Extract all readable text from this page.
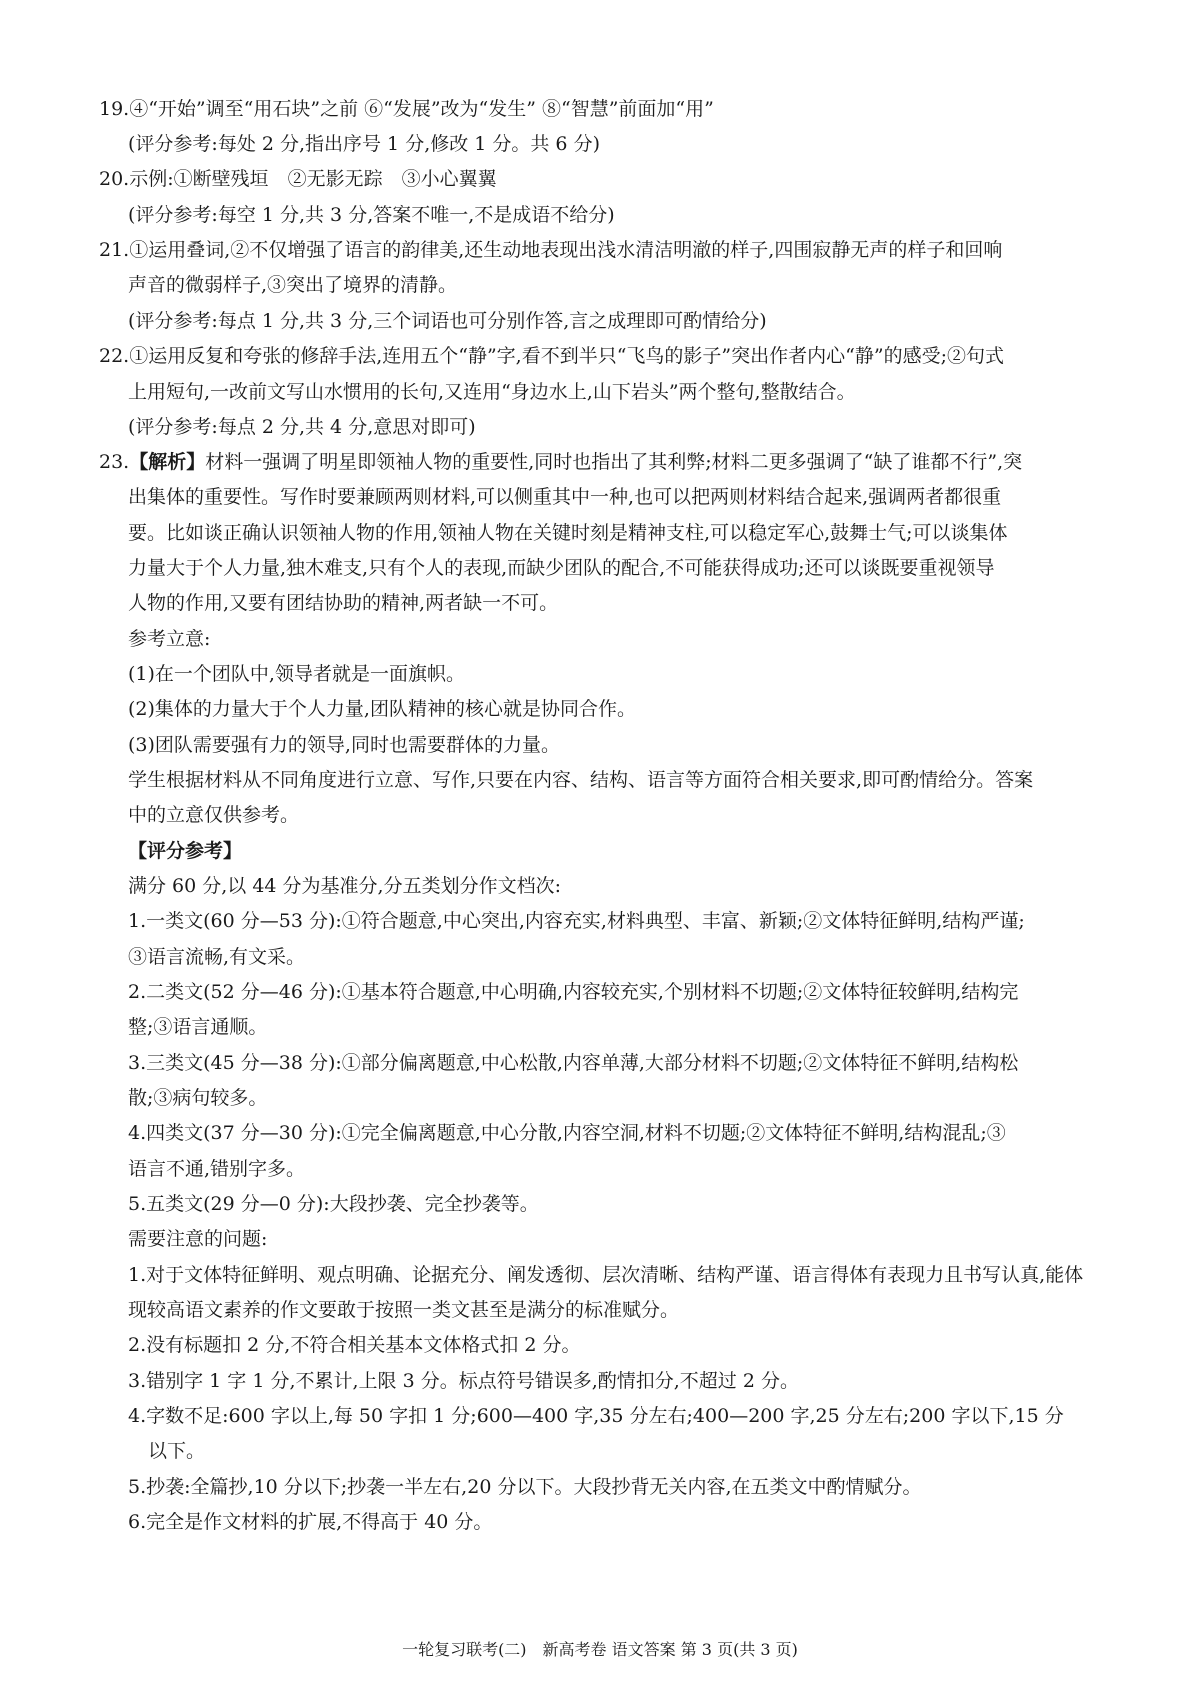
19.④“开始”调至“用石块”之前 ⑥“发展”改为“发生” ⑧“智慧”前面加“用”
(评分参考:每处 2 分,指出序号 1 分,修改 1 分。共 6 分)
20.示例:①断壁残垣　②无影无踪　③小心翼翼
(评分参考:每空 1 分,共 3 分,答案不唯一,不是成语不给分)
21.①运用叠词,②不仅增强了语言的韵律美,还生动地表现出浅水清洁明澈的样子,四围寂静无声的样子和回响
声音的微弱样子,③突出了境界的清静。
(评分参考:每点 1 分,共 3 分,三个词语也可分别作答,言之成理即可酌情给分)
22.①运用反复和夸张的修辞手法,连用五个“静”字,看不到半只“飞鸟的影子”突出作者内心“静”的感受;②句式
上用短句,一改前文写山水惯用的长句,又连用“身边水上,山下岩头”两个整句,整散结合。
(评分参考:每点 2 分,共 4 分,意思对即可)
23.【解析】材料一强调了明星即领袖人物的重要性,同时也指出了其利弊;材料二更多强调了“缺了谁都不行”,突
出集体的重要性。写作时要兼顾两则材料,可以侧重其中一种,也可以把两则材料结合起来,强调两者都很重
要。比如谈正确认识领袖人物的作用,领袖人物在关键时刻是精神支柱,可以稳定军心,鼓舞士气;可以谈集体
力量大于个人力量,独木难支,只有个人的表现,而缺少团队的配合,不可能获得成功;还可以谈既要重视领导
人物的作用,又要有团结协助的精神,两者缺一不可。
参考立意:
(1)在一个团队中,领导者就是一面旗帜。
(2)集体的力量大于个人力量,团队精神的核心就是协同合作。
(3)团队需要强有力的领导,同时也需要群体的力量。
学生根据材料从不同角度进行立意、写作,只要在内容、结构、语言等方面符合相关要求,即可酌情给分。答案
中的立意仅供参考。
【评分参考】
满分 60 分,以 44 分为基准分,分五类划分作文档次:
1.一类文(60 分—53 分):①符合题意,中心突出,内容充实,材料典型、丰富、新颖;②文体特征鲜明,结构严谨;
③语言流畅,有文采。
2.二类文(52 分—46 分):①基本符合题意,中心明确,内容较充实,个别材料不切题;②文体特征较鲜明,结构完
整;③语言通顺。
3.三类文(45 分—38 分):①部分偏离题意,中心松散,内容单薄,大部分材料不切题;②文体特征不鲜明,结构松
散;③病句较多。
4.四类文(37 分—30 分):①完全偏离题意,中心分散,内容空洞,材料不切题;②文体特征不鲜明,结构混乱;③
语言不通,错别字多。
5.五类文(29 分—0 分):大段抄袭、完全抄袭等。
需要注意的问题:
1.对于文体特征鲜明、观点明确、论据充分、阐发透彻、层次清晰、结构严谨、语言得体有表现力且书写认真,能体
现较高语文素养的作文要敢于按照一类文甚至是满分的标准赋分。
2.没有标题扣 2 分,不符合相关基本文体格式扣 2 分。
3.错别字 1 字 1 分,不累计,上限 3 分。标点符号错误多,酌情扣分,不超过 2 分。
4.字数不足:600 字以上,每 50 字扣 1 分;600—400 字,35 分左右;400—200 字,25 分左右;200 字以下,15 分
以下。
5.抄袭:全篇抄,10 分以下;抄袭一半左右,20 分以下。大段抄背无关内容,在五类文中酌情赋分。
6.完全是作文材料的扩展,不得高于 40 分。
一轮复习联考(二)　新高考卷 语文答案 第 3 页(共 3 页)
